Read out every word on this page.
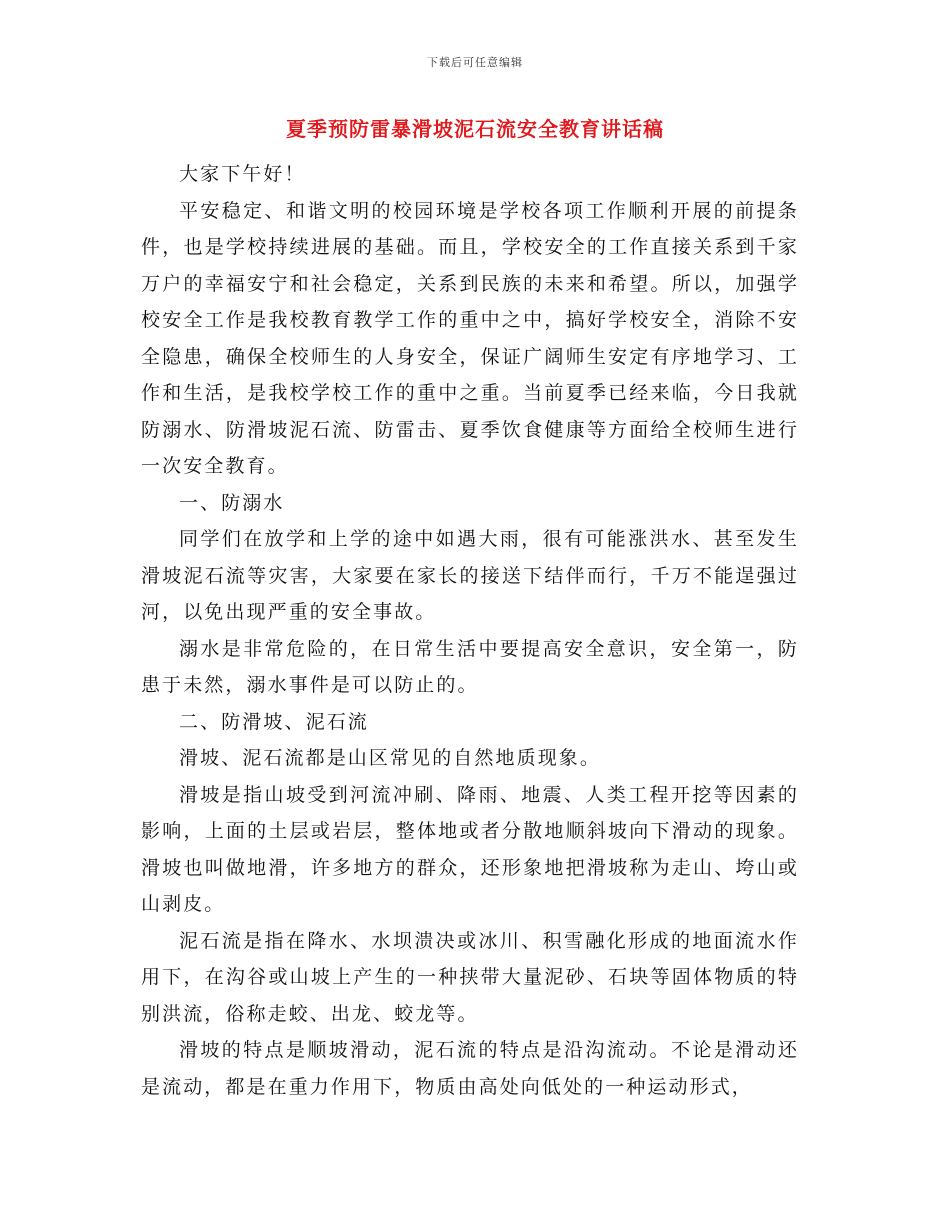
下载后可任意编辑
夏季预防雷暴滑坡泥石流安全教育讲话稿

大家下午好！

平安稳定、和谐文明的校园环境是学校各项工作顺利开展的前提条件，也是学校持续进展的基础。而且，学校安全的工作直接关系到千家万户的幸福安宁和社会稳定，关系到民族的未来和希望。所以，加强学校安全工作是我校教育教学工作的重中之中，搞好学校安全，消除不安全隐患，确保全校师生的人身安全，保证广阔师生安定有序地学习、工作和生活，是我校学校工作的重中之重。当前夏季已经来临，今日我就防溺水、防滑坡泥石流、防雷击、夏季饮食健康等方面给全校师生进行一次安全教育。

一、防溺水

同学们在放学和上学的途中如遇大雨，很有可能涨洪水、甚至发生滑坡泥石流等灾害，大家要在家长的接送下结伴而行，千万不能逞强过河，以免出现严重的安全事故。

溺水是非常危险的，在日常生活中要提高安全意识，安全第一，防患于未然，溺水事件是可以防止的。

二、防滑坡、泥石流

滑坡、泥石流都是山区常见的自然地质现象。

滑坡是指山坡受到河流冲刷、降雨、地震、人类工程开挖等因素的影响，上面的土层或岩层，整体地或者分散地顺斜坡向下滑动的现象。滑坡也叫做地滑，许多地方的群众，还形象地把滑坡称为走山、垮山或山剥皮。

泥石流是指在降水、水坝溃决或冰川、积雪融化形成的地面流水作用下，在沟谷或山坡上产生的一种挟带大量泥砂、石块等固体物质的特别洪流，俗称走蛟、出龙、蛟龙等。

滑坡的特点是顺坡滑动，泥石流的特点是沿沟流动。不论是滑动还是流动，都是在重力作用下，物质由高处向低处的一种运动形式，
